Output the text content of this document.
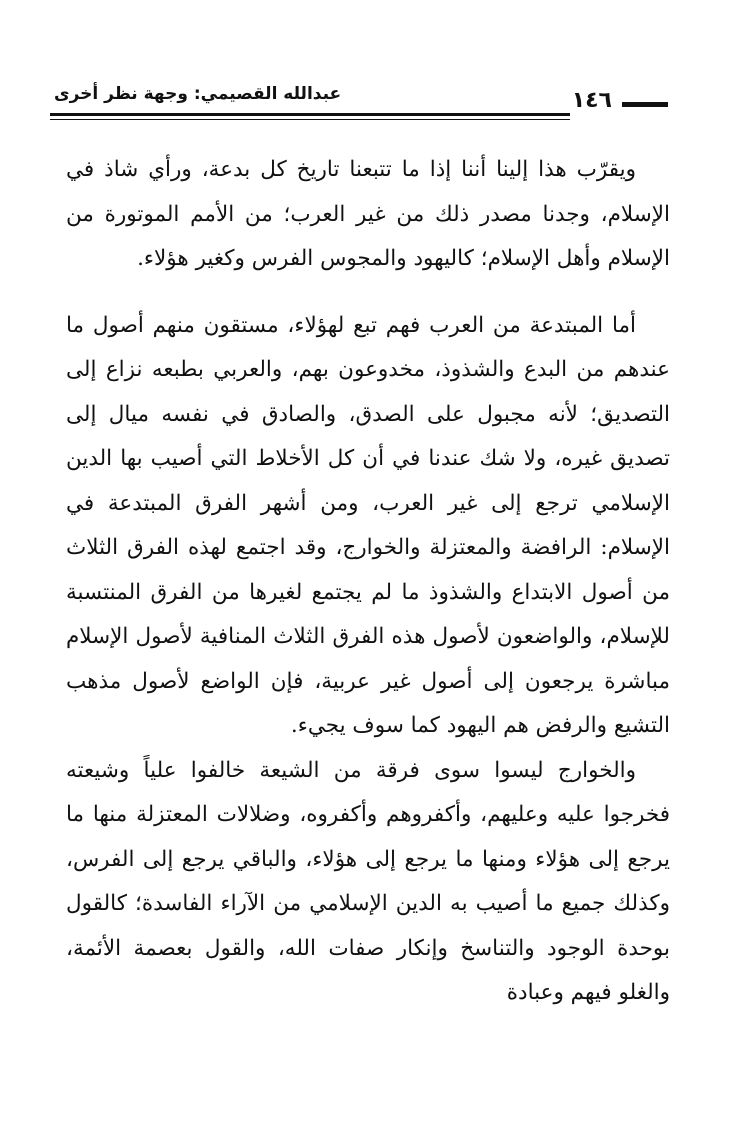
عبدالله القصيمي: وجهة نظر أخرى	١٤٦

ويقرّب هذا إلينا أننا إذا ما تتبعنا تاريخ كل بدعة، ورأي شاذ في الإسلام، وجدنا مصدر ذلك من غير العرب؛ من الأمم الموتورة من الإسلام وأهل الإسلام؛ كاليهود والمجوس الفرس وكغير هؤلاء.

أما المبتدعة من العرب فهم تبع لهؤلاء، مستقون منهم أصول ما عندهم من البدع والشذوذ، مخدوعون بهم، والعربي بطبعه نزاع إلى التصديق؛ لأنه مجبول على الصدق، والصادق في نفسه ميال إلى تصديق غيره، ولا شك عندنا في أن كل الأخلاط التي أصيب بها الدين الإسلامي ترجع إلى غير العرب، ومن أشهر الفرق المبتدعة في الإسلام: الرافضة والمعتزلة والخوارج، وقد اجتمع لهذه الفرق الثلاث من أصول الابتداع والشذوذ ما لم يجتمع لغيرها من الفرق المنتسبة للإسلام، والواضعون لأصول هذه الفرق الثلاث المنافية لأصول الإسلام مباشرة يرجعون إلى أصول غير عربية، فإن الواضع لأصول مذهب التشيع والرفض هم اليهود كما سوف يجيء.

والخوارج ليسوا سوى فرقة من الشيعة خالفوا علياً وشيعته فخرجوا عليه وعليهم، وأكفروهم وأكفروه، وضلالات المعتزلة منها ما يرجع إلى هؤلاء ومنها ما يرجع إلى هؤلاء، والباقي يرجع إلى الفرس، وكذلك جميع ما أصيب به الدين الإسلامي من الآراء الفاسدة؛ كالقول بوحدة الوجود والتناسخ وإنكار صفات الله، والقول بعصمة الأئمة، والغلو فيهم وعبادة
